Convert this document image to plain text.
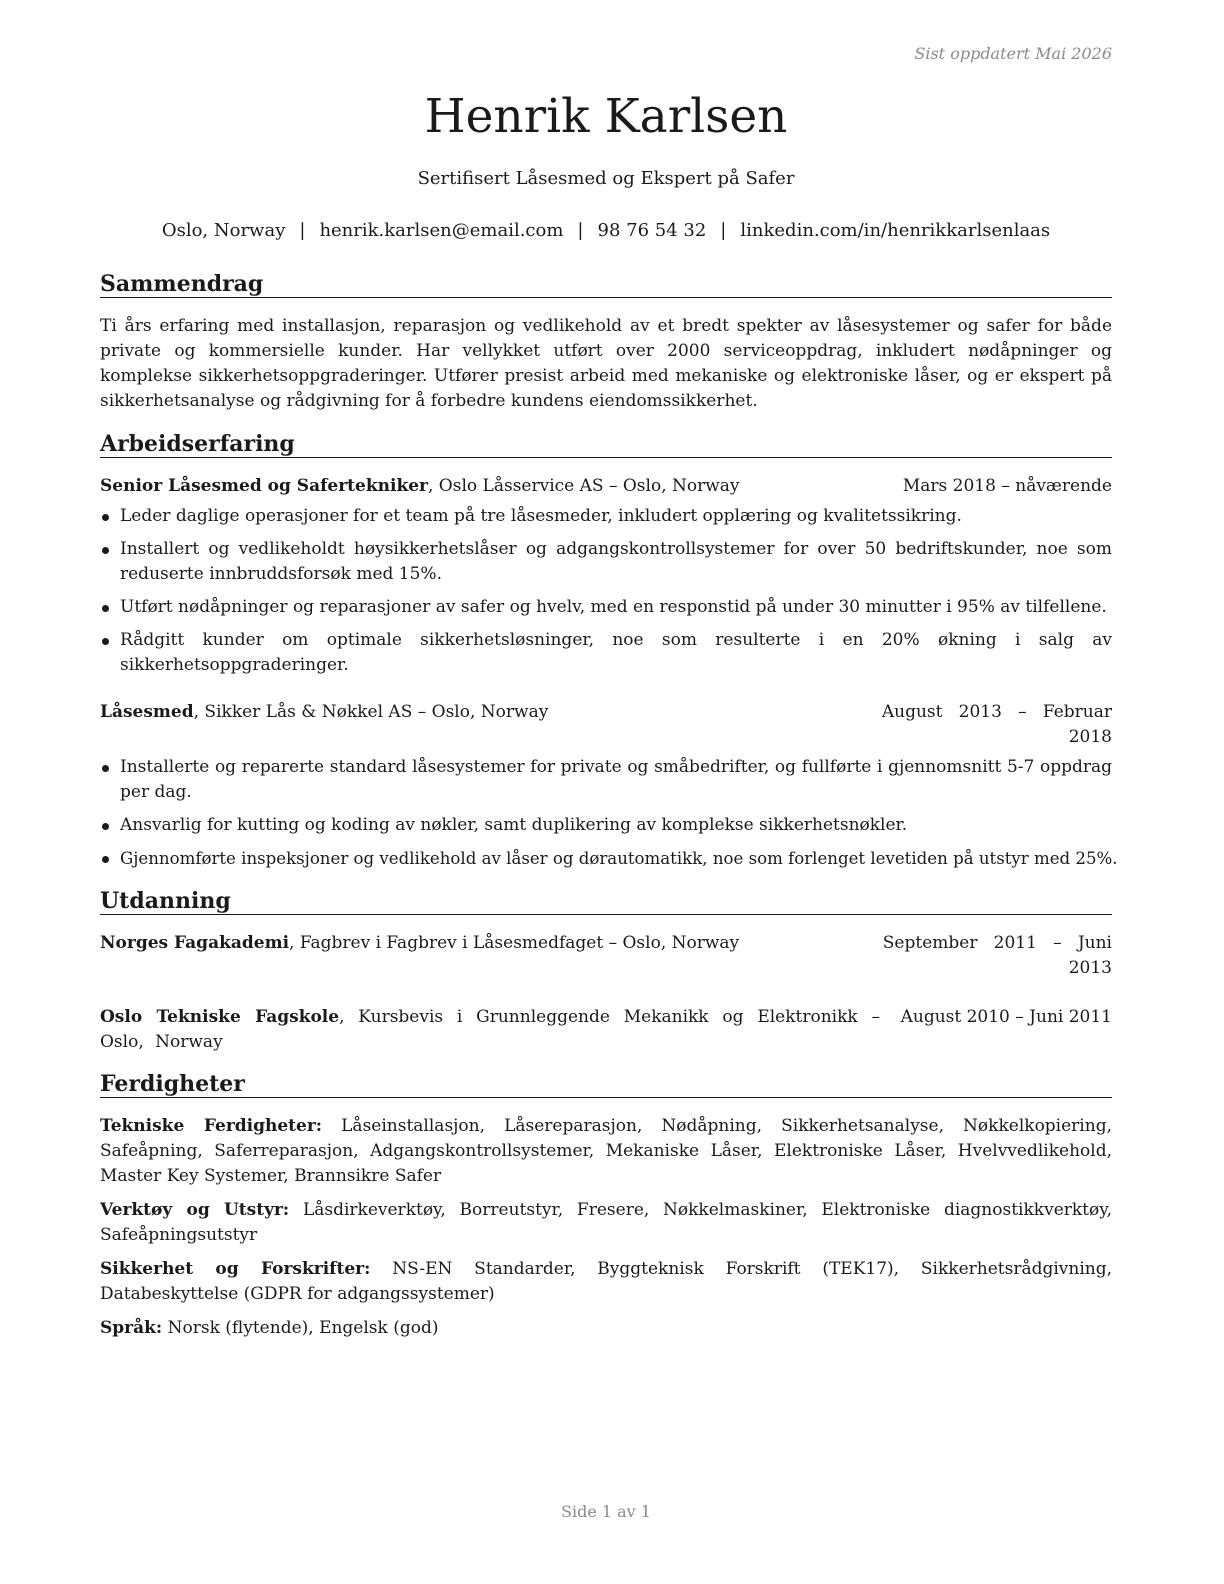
Sist oppdatert Mai 2026
Henrik Karlsen
Sertifisert Låsesmed og Ekspert på Safer
Oslo, Norway | henrik.karlsen@email.com | 98 76 54 32 | linkedin.com/in/henrikkarlsenlaas
Sammendrag
Ti års erfaring med installasjon, reparasjon og vedlikehold av et bredt spekter av låsesystemer og safer for både private og kommersielle kunder. Har vellykket utført over 2000 serviceoppdrag, inkludert nødåpninger og komplekse sikkerhetsoppgraderinger. Utfører presist arbeid med mekaniske og elektroniske låser, og er ekspert på sikkerhetsanalyse og rådgivning for å forbedre kundens eiendomssikkerhet.
Arbeidserfaring
Senior Låsesmed og Safertekniker, Oslo Låsservice AS – Oslo, Norway	Mars 2018 – nåværende
Leder daglige operasjoner for et team på tre låsesmeder, inkludert opplæring og kvalitetssikring.
Installert og vedlikeholdt høysikkerhetslåser og adgangskontrollsystemer for over 50 bedriftskunder, noe som reduserte innbruddsforsøk med 15%.
Utført nødåpninger og reparasjoner av safer og hvelv, med en responstid på under 30 minutter i 95% av tilfellene.
Rådgitt kunder om optimale sikkerhetsløsninger, noe som resulterte i en 20% økning i salg av sikkerhetsoppgraderinger.
Låsesmed, Sikker Lås & Nøkkel AS – Oslo, Norway	August   2013   –   Februar
2018
Installerte og reparerte standard låsesystemer for private og småbedrifter, og fullførte i gjennomsnitt 5-7 oppdrag per dag.
Ansvarlig for kutting og koding av nøkler, samt duplikering av komplekse sikkerhetsnøkler.
Gjennomførte inspeksjoner og vedlikehold av låser og dørautomatikk, noe som forlenget levetiden på utstyr med 25%.
Utdanning
Norges Fagakademi, Fagbrev i Fagbrev i Låsesmedfaget – Oslo, Norway	September   2011   –   Juni
2013
Oslo Tekniske Fagskole, Kursbevis i Grunnleggende Mekanikk og Elektronikk – Oslo, Norway
August 2010 – Juni 2011
Ferdigheter
Tekniske Ferdigheter: Låseinstallasjon, Låsereparasjon, Nødåpning, Sikkerhetsanalyse, Nøkkelkopiering, Safeåpning, Saferreparasjon, Adgangskontrollsystemer, Mekaniske Låser, Elektroniske Låser, Hvelvvedlikehold, Master Key Systemer, Brannsikre Safer
Verktøy og Utstyr: Låsdirkeverktøy, Borreutstyr, Fresere, Nøkkelmaskiner, Elektroniske diagnostikkverktøy, Safeåpningsutstyr
Sikkerhet og Forskrifter: NS-EN Standarder, Byggteknisk Forskrift (TEK17), Sikkerhetsrådgivning, Databeskyttelse (GDPR for adgangssystemer)
Språk: Norsk (flytende), Engelsk (god)
Side 1 av 1
